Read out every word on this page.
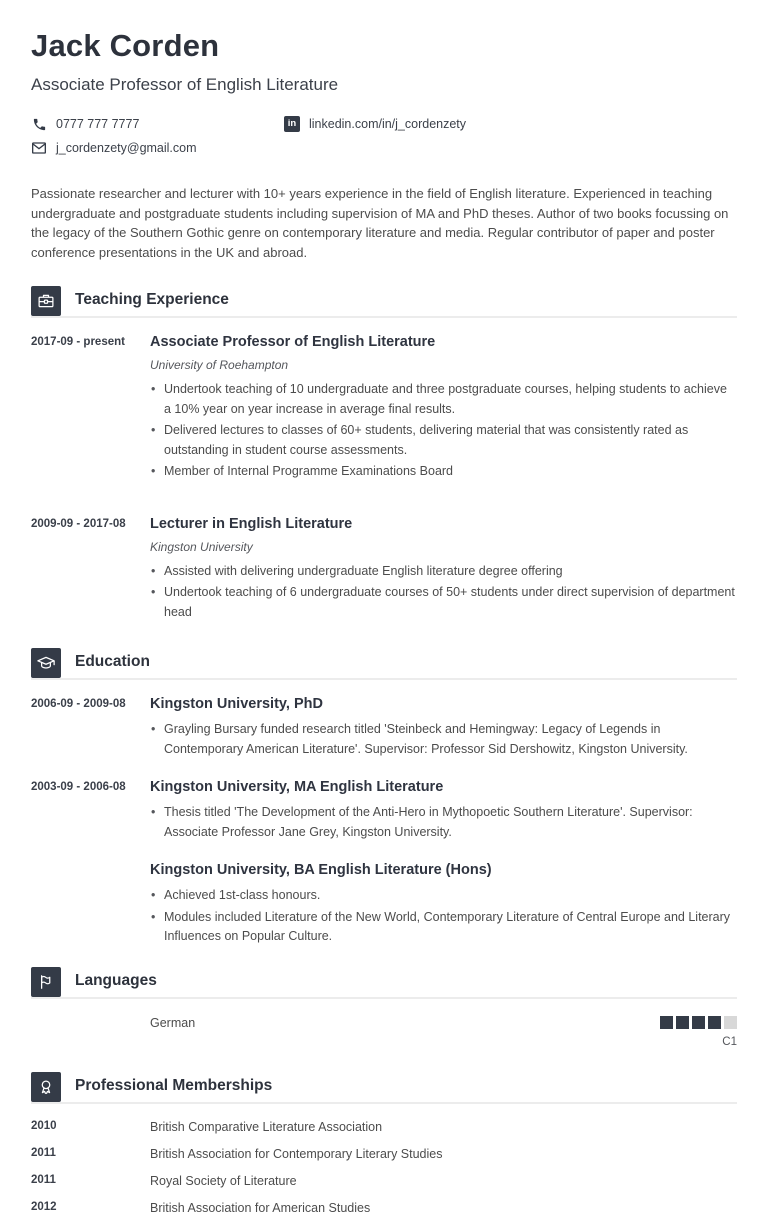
Jack Corden
Associate Professor of English Literature
0777 777 7777	in	linkedin.com/in/j_cordenzety
j_cordenzety@gmail.com

Passionate researcher and lecturer with 10+ years experience in the field of English literature. Experienced in teaching undergraduate and postgraduate students including supervision of MA and PhD theses. Author of two books focussing on the legacy of the Southern Gothic genre on contemporary literature and media. Regular contributor of paper and poster conference presentations in the UK and abroad.

Teaching Experience
2017-09 - present	Associate Professor of English Literature
University of Roehampton
• Undertook teaching of 10 undergraduate and three postgraduate courses, helping students to achieve a 10% year on year increase in average final results.
• Delivered lectures to classes of 60+ students, delivering material that was consistently rated as outstanding in student course assessments.
• Member of Internal Programme Examinations Board
2009-09 - 2017-08	Lecturer in English Literature
Kingston University
• Assisted with delivering undergraduate English literature degree offering
• Undertook teaching of 6 undergraduate courses of 50+ students under direct supervision of department head
Education
2006-09 - 2009-08	Kingston University, PhD
• Grayling Bursary funded research titled 'Steinbeck and Hemingway: Legacy of Legends in Contemporary American Literature'. Supervisor: Professor Sid Dershowitz, Kingston University.
2003-09 - 2006-08	Kingston University, MA English Literature
• Thesis titled 'The Development of the Anti-Hero in Mythopoetic Southern Literature'. Supervisor: Associate Professor Jane Grey, Kingston University.
Kingston University, BA English Literature (Hons)
• Achieved 1st-class honours.
• Modules included Literature of the New World, Contemporary Literature of Central Europe and Literary Influences on Popular Culture.
Languages
German
C1
Professional Memberships
2010	British Comparative Literature Association
2011	British Association for Contemporary Literary Studies
2011	Royal Society of Literature
2012	British Association for American Studies
